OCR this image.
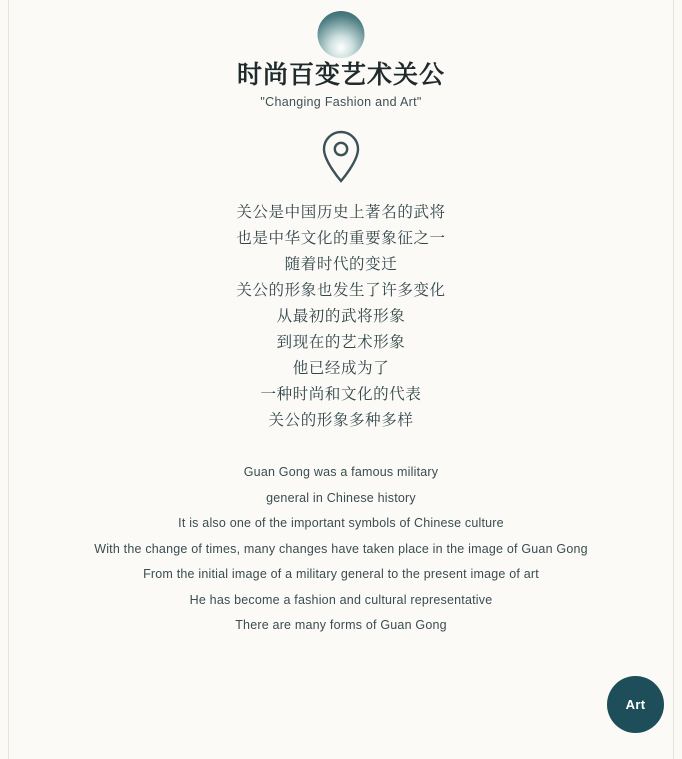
时尚百变艺术关公
"Changing Fashion and Art"
关公是中国历史上著名的武将
也是中华文化的重要象征之一
随着时代的变迁
关公的形象也发生了许多变化
从最初的武将形象
到现在的艺术形象
他已经成为了
一种时尚和文化的代表
关公的形象多种多样
Guan Gong was a famous military
general in Chinese history
It is also one of the important symbols of Chinese culture
With the change of times, many changes have taken place in the image of Guan Gong
From the initial image of a military general to the present image of art
He has become a fashion and cultural representative
There are many forms of Guan Gong
Art
